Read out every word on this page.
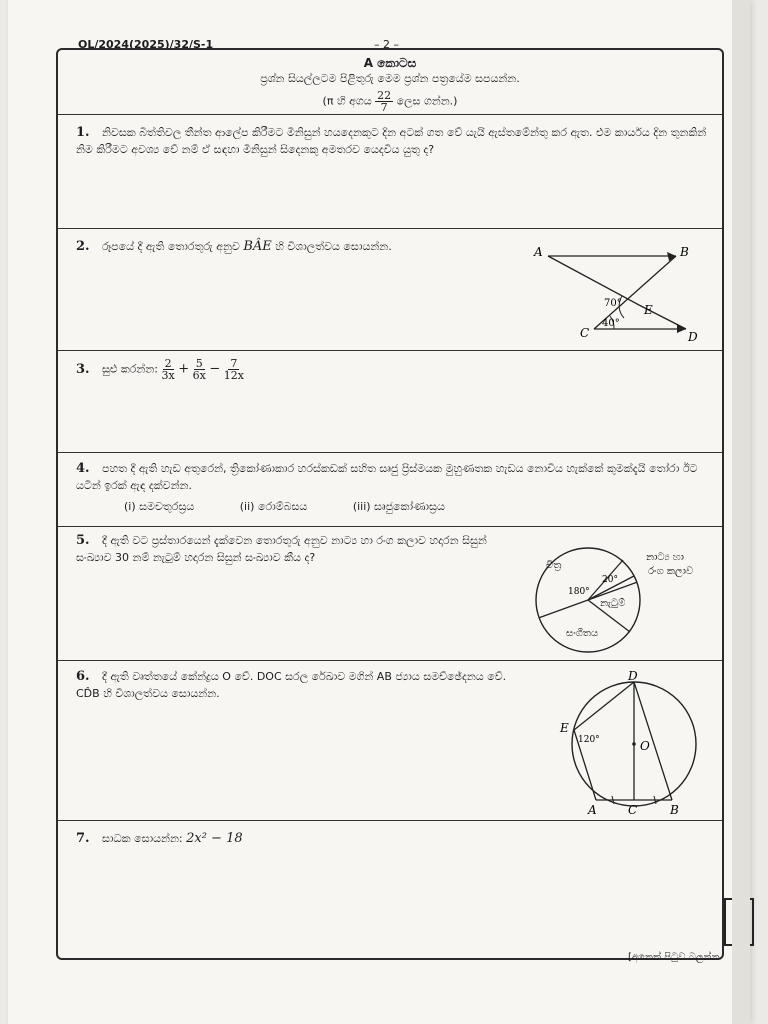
OL/2024(2025)/32/S-1	– 2 –
A කොටස
ප්‍රශ්න සියල්ලටම පිළිතුරු මෙම ප්‍රශ්න පත්‍රයේම සපයන්න.
(π හි අගය $\frac{22}{7}$ ලෙස ගන්න.)
1. නිවසක බිත්තිවල තීන්ත ආලේප කිරීමට මිනිසුන් හයදෙනකුට දින අටක් ගත වේ යැයි ඇස්තමේන්තු කර ඇත. එම කාර්යය දින තුනකින් නිම කිරීමට අවශ්‍ය වේ නම් ඒ සඳහා මිනිසුන් සිදෙනකු අමතරව යෙදවිය යුතු ද?
2. රූපයේ දී ඇති තොරතුරු අනුව BÂE හි විශාලත්වය සොයන්න.	A	B
C	D
E
70°
40°
3. සුළු කරන්න: $\frac{2}{3x} + \frac{5}{6x} - \frac{7}{12x}$
4. පහත දී ඇති හැඩ අතුරෙන්, ත්‍රිකෝණාකාර හරස්කඩක් සහිත සෘජු ප්‍රිස්මයක මුහුණතක හැඩය නොවිය හැක්කේ කුමක්දැයි තෝරා ඊට යටින් ඉරක් ඇඳ දක්වන්න.
(i) සමචතුරස්‍රය	(ii) රොම්බසය	(iii) සෘජුකෝණාස්‍රය
5. දී ඇති වට ප්‍රස්තාරයෙන් දැක්වෙන තොරතුරු අනුව නාට්‍ය හා රංග කලාව හදාරන සිසුන් සංඛ්‍යාව 30 නම් නැටුම් හදාරන සිසුන් සංඛ්‍යාව කීය ද?
චිත්‍ර
නාට්‍ය හා
රංග කලාව
නැටුම්
සංගීතය
180°
20°
6. දී ඇති වෘත්තයේ කේන්ද්‍රය O වේ. DOC සරල රේඛාව මගින් AB ජ්‍යාය සමච්ඡේදනය වේ. CD̂B හි විශාලත්වය සොයන්න.
D
E
O
A	C	B
120°
7. සාධක සොයන්න: 2x² − 18
[අනෙක් පිටුව බලන්න
